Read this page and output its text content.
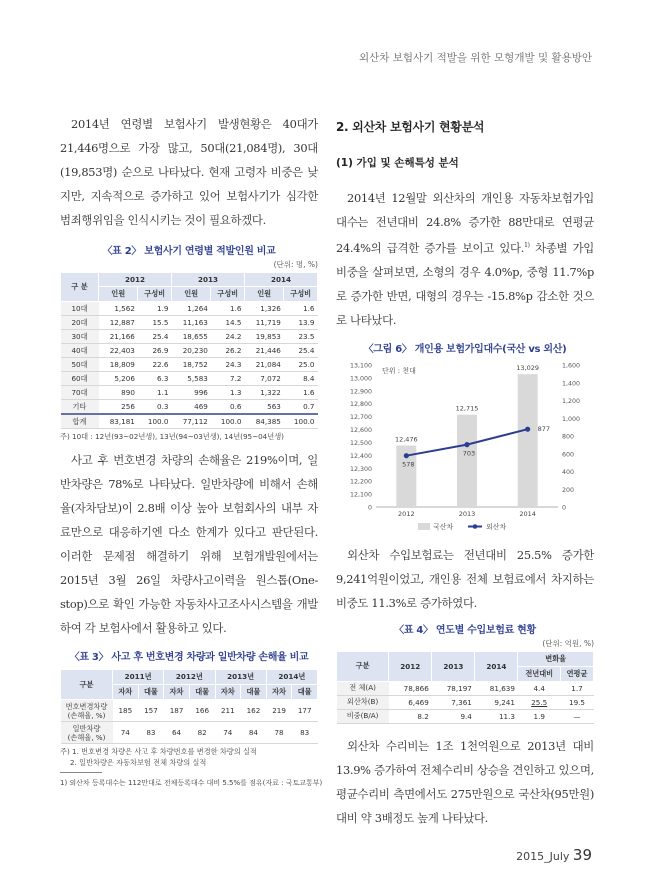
외산차 보험사기 적발을 위한 모형개발 및 활용방안

2014년 연령별 보험사기 발생현황은 40대가 21,446명으로 가장 많고, 50대(21,084명), 30대(19,853명) 순으로 나타났다. 현재 고령자 비중은 낮지만, 지속적으로 증가하고 있어 보험사기가 심각한 범죄행위임을 인식시키는 것이 필요하겠다.

〈표 2〉 보험사기 연령별 적발인원 비교
(단위: 명, %)
구 분	2012		2013		2014	
	인원	구성비	인원	구성비	인원	구성비
10대	1,562	1.9	1,264	1.6	1,326	1.6
20대	12,887	15.5	11,163	14.5	11,719	13.9
30대	21,166	25.4	18,655	24.2	19,853	23.5
40대	22,403	26.9	20,230	26.2	21,446	25.4
50대	18,809	22.6	18,752	24.3	21,084	25.0
60대	5,206	6.3	5,583	7.2	7,072	8.4
70대	890	1.1	996	1.3	1,322	1.6
기타	256	0.3	469	0.6	563	0.7
합계	83,181	100.0	77,112	100.0	84,385	100.0
주) 10대 : 12년(93~02년생), 13년(94~03년생), 14년(95~04년생)

사고 후 번호변경 차량의 손해율은 219%이며, 일반차량은 78%로 나타났다. 일반차량에 비해서 손해율(자차담보)이 2.8배 이상 높아 보험회사의 내부 자료만으로 대응하기엔 다소 한계가 있다고 판단된다. 이러한 문제점 해결하기 위해 보험개발원에서는 2015년 3월 26일 차량사고이력을 원스톱(One-stop)으로 확인 가능한 자동차사고조사시스템을 개발하여 각 보험사에서 활용하고 있다.

〈표 3〉 사고 후 번호변경 차량과 일반차량 손해율 비교
구분	2011년		2012년		2013년		2014년	
	자차	대물	자차	대물	자차	대물	자차	대물
번호변경차량
(손해율, %)	185	157	187	166	211	162	219	177
일반차량
(손해율, %)	74	83	64	82	74	84	78	83
주) 1. 번호변경 차량은 사고 후 차량번호를 변경한 차량의 실적
2. 일반차량은 자동차보험 전체 차량의 실적
2. 외산차 보험사기 현황분석
(1) 가입 및 손해특성 분석

2014년 12월말 외산차의 개인용 자동차보험가입대수는 전년대비 24.8% 증가한 88만대로 연평균 24.4%의 급격한 증가를 보이고 있다.$^{1)}$ 차종별 가입 비중을 살펴보면, 소형의 경우 4.0%p, 중형 11.7%p로 증가한 반면, 대형의 경우는 -15.8%p 감소한 것으로 나타났다.

〈그림 6〉 개인용 보험가입대수(국산 vs 외산)
단위 : 천대
13,100
13,000
12,900
12,800
12,700
12,600
12,500
12,400
12,300
12,200
12,100
0
1,600
1,400
1,200
1,000
800
600
400
200
0
12,476
2012
12,715
2013
13,029
2014
578
703
877
국산차	외산차

외산차 수입보험료는 전년대비 25.5% 증가한 9,241억원이었고, 개인용 전체 보험료에서 차지하는 비중도 11.3%로 증가하였다.

〈표 4〉 연도별 수입보험료 현황
(단위: 억원, %)
구분	2012	2013	2014	변화율	
				전년대비	연평균
전 체(A)	78,866	78,197	81,639	4.4	1.7
외산차(B)	6,469	7,361	9,241	25.5	19.5
비중(B/A)	8.2	9.4	11.3	1.9	—

외산차 수리비는 1조 1천억원으로 2013년 대비 13.9% 증가하여 전체수리비 상승을 견인하고 있으며, 평균수리비 측면에서도 275만원으로 국산차(95만원) 대비 약 3배정도 높게 나타났다.

1) 외산차 등록대수는 112만대로 전체등록대수 대비 5.5%를 점유(자료 : 국토교통부)
2015_July 39
